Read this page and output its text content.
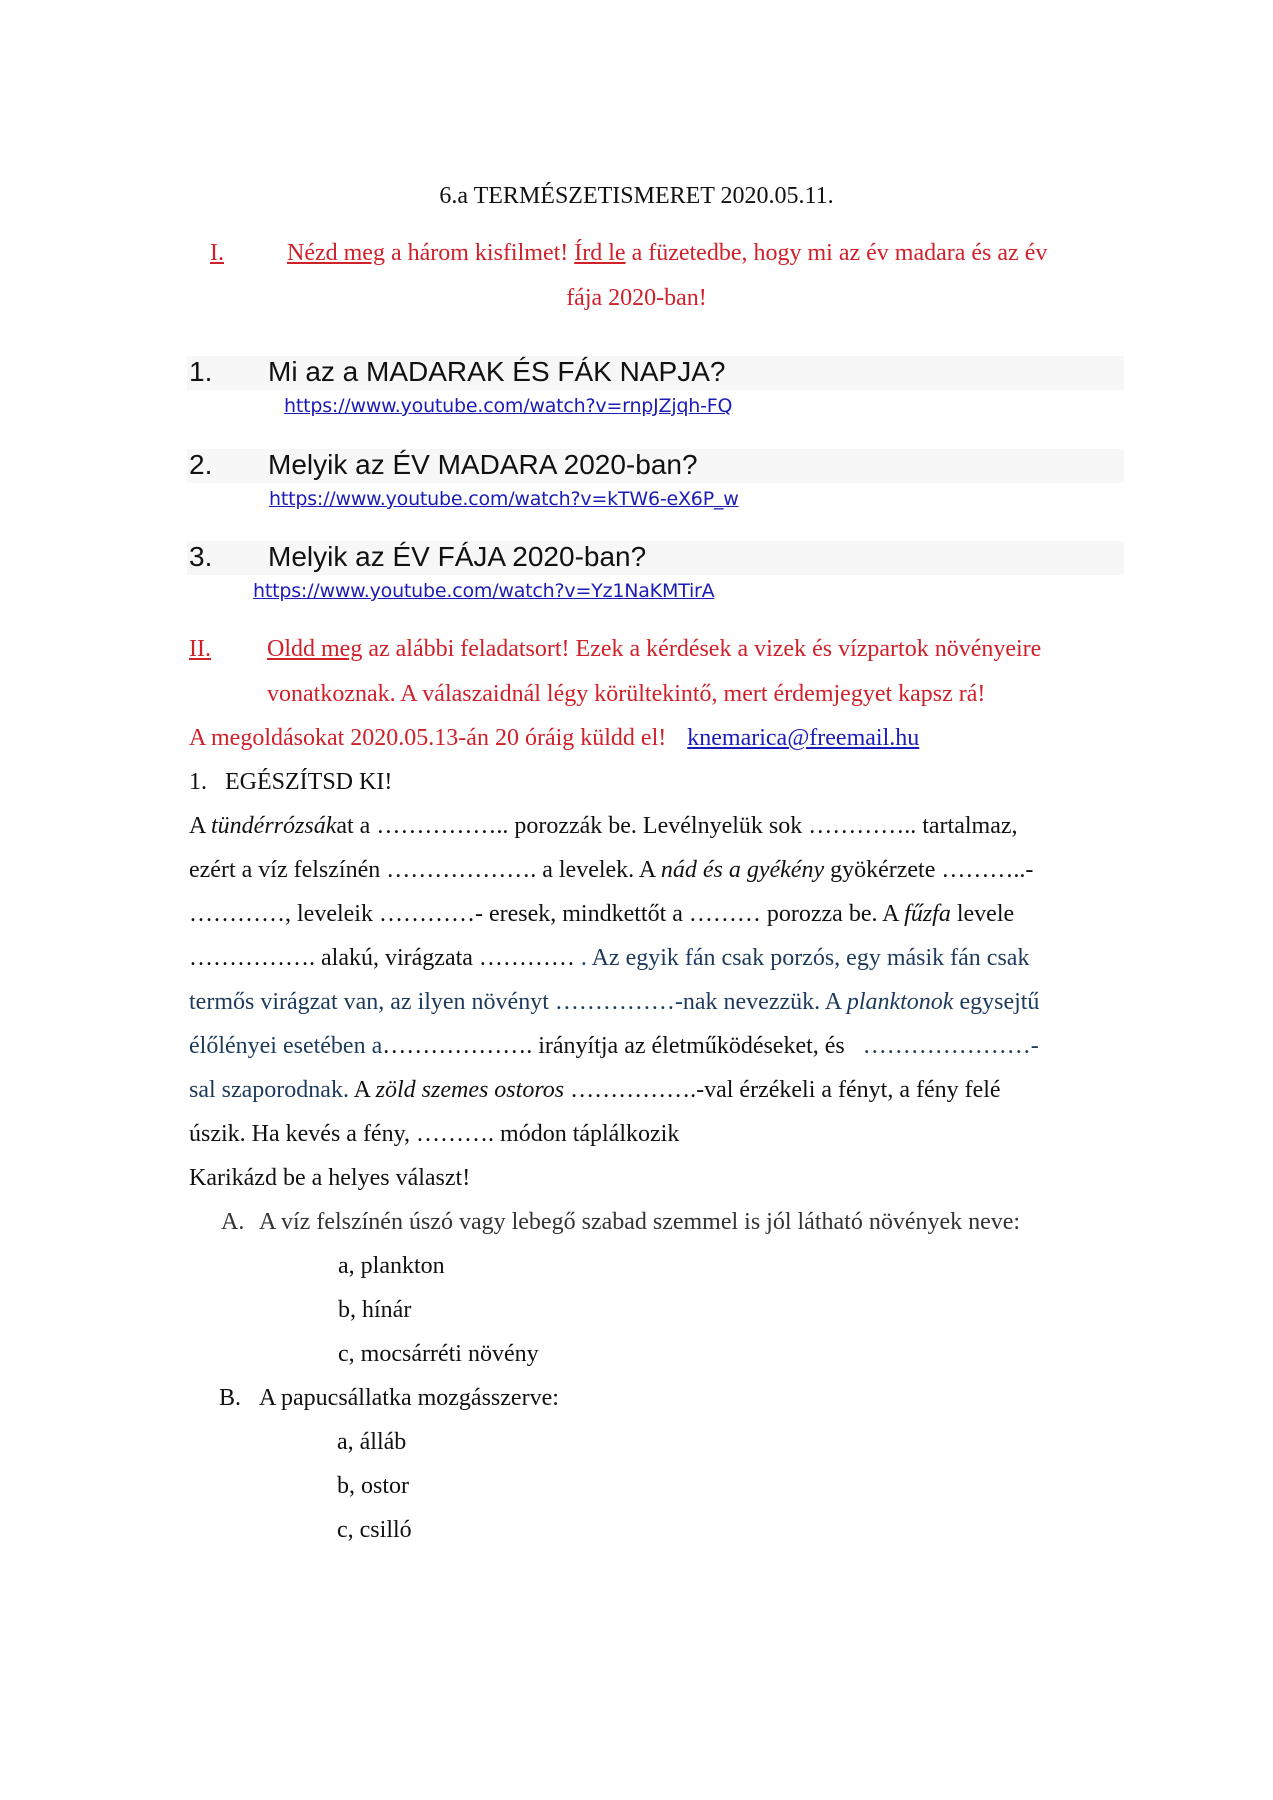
6.a TERMÉSZETISMERET 2020.05.11.
I.	Nézd meg a három kisfilmet! Írd le a füzetedbe, hogy mi az év madara és az év
fája 2020-ban!
1. Mi az a MADARAK ÉS FÁK NAPJA?
https://www.youtube.com/watch?v=rnpJZjqh-FQ
2. Melyik az ÉV MADARA 2020-ban?
https://www.youtube.com/watch?v=kTW6-eX6P_w
3. Melyik az ÉV FÁJA 2020-ban?
https://www.youtube.com/watch?v=Yz1NaKMTirA
II. Oldd meg az alábbi feladatsort! Ezek a kérdések a vizek és vízpartok növényeire
vonatkoznak. A válaszaidnál légy körültekintő, mert érdemjegyet kapsz rá!
A megoldásokat 2020.05.13-án 20 óráig küldd el! knemarica@freemail.hu
1.   EGÉSZÍTSD KI!
A tündérrózsákat a …………….. porozzák be. Levélnyelük sok ………….. tartalmaz,
ezért a víz felszínén ………………. a levelek. A nád és a gyékény gyökérzete ………..-
…………, leveleik …………- eresek, mindkettőt a ……… porozza be. A fűzfa levele
……………. alakú, virágzata ………… . Az egyik fán csak porzós, egy másik fán csak
termős virágzat van, az ilyen növényt ……………-nak nevezzük. A planktonok egysejtű
élőlényei esetében a………………. irányítja az életműködéseket, és   …………………-
sal szaporodnak. A zöld szemes ostoros …………….-val érzékeli a fényt, a fény felé
úszik. Ha kevés a fény, ………. módon táplálkozik
Karikázd be a helyes választ!
A. A víz felszínén úszó vagy lebegő szabad szemmel is jól látható növények neve:
a, plankton
b, hínár
c, mocsárréti növény
B. A papucsállatka mozgásszerve:
a, álláb
b, ostor
c, csilló
